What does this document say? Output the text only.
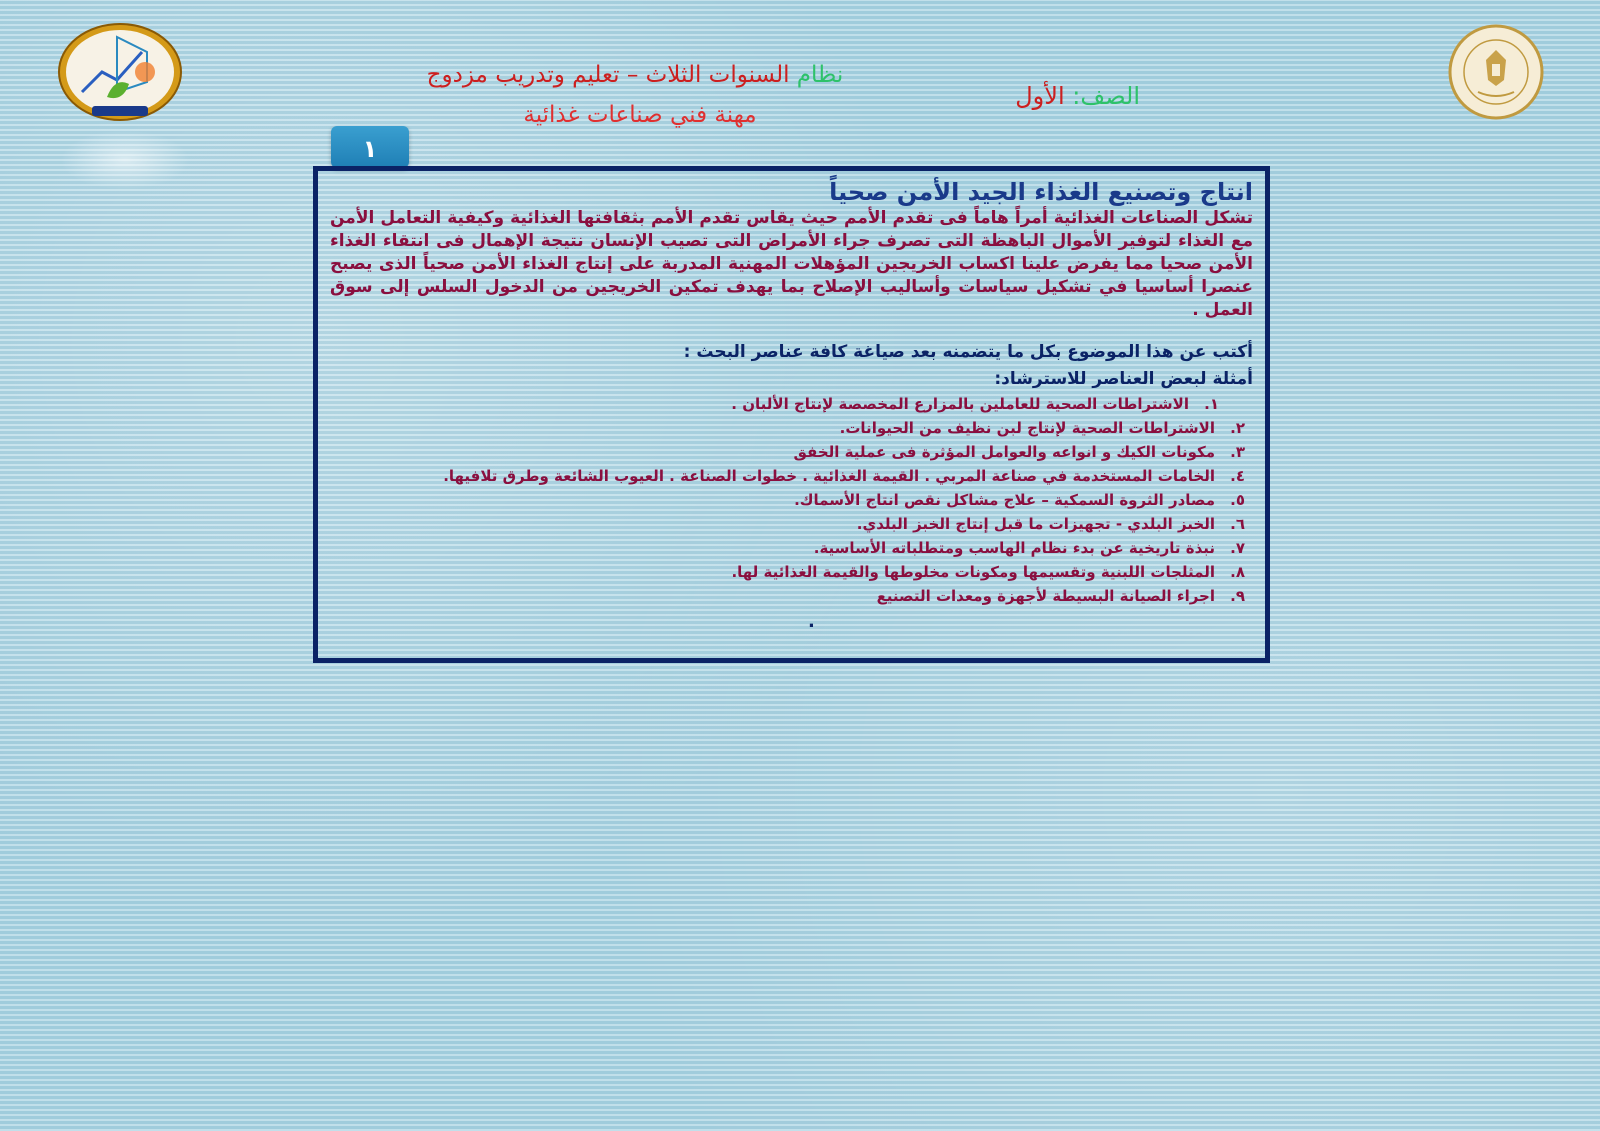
نظام السنوات الثلاث – تعليم وتدريب مزدوج
مهنة فني صناعات غذائية
الصف: الأول
١
انتاج وتصنيع الغذاء الجيد الأمن صحياً

تشكل الصناعات الغذائية أمراً هاماً فى تقدم الأمم حيث يقاس تقدم الأمم بثقافتها الغذائية وكيفية التعامل الأمن مع الغذاء لتوفير الأموال الباهظة التى تصرف جراء الأمراض التى تصيب الإنسان نتيجة الإهمال فى انتقاء الغذاء الأمن صحيا مما يفرض علينا اكساب الخريجين المؤهلات المهنية المدربة على إنتاج الغذاء الأمن صحياً الذى يصبح عنصرا أساسيا في تشكيل سياسات وأساليب الإصلاح بما يهدف تمكين الخريجين من الدخول السلس إلى سوق العمل .

أكتب عن هذا الموضوع بكل ما يتضمنه بعد صياغة كافة عناصر البحث :

أمثلة لبعض العناصر للاسترشاد:

١.الاشتراطات الصحية للعاملين بالمزارع المخصصة لإنتاج الألبان .
٢.الاشتراطات الصحية لإنتاج لبن نظيف من الحيوانات.
٣.مكونات الكيك و انواعه والعوامل المؤثرة فى عملية الخفق
٤.الخامات المستخدمة في صناعة المربي . القيمة الغذائية . خطوات الصناعة . العيوب الشائعة وطرق تلافيها.
٥.مصادر الثروة السمكية – علاج مشاكل نقص انتاج الأسماك.
٦.الخبز البلدي - تجهيزات ما قبل إنتاج الخبز البلدي.
٧.نبذة تاريخية عن بدء نظام الهاسب ومتطلباته الأساسية.
٨.المثلجات اللبنية وتقسيمها ومكونات مخلوطها والقيمة الغذائية لها.
٩.اجراء الصيانة البسيطة لأجهزة ومعدات التصنيع
.
